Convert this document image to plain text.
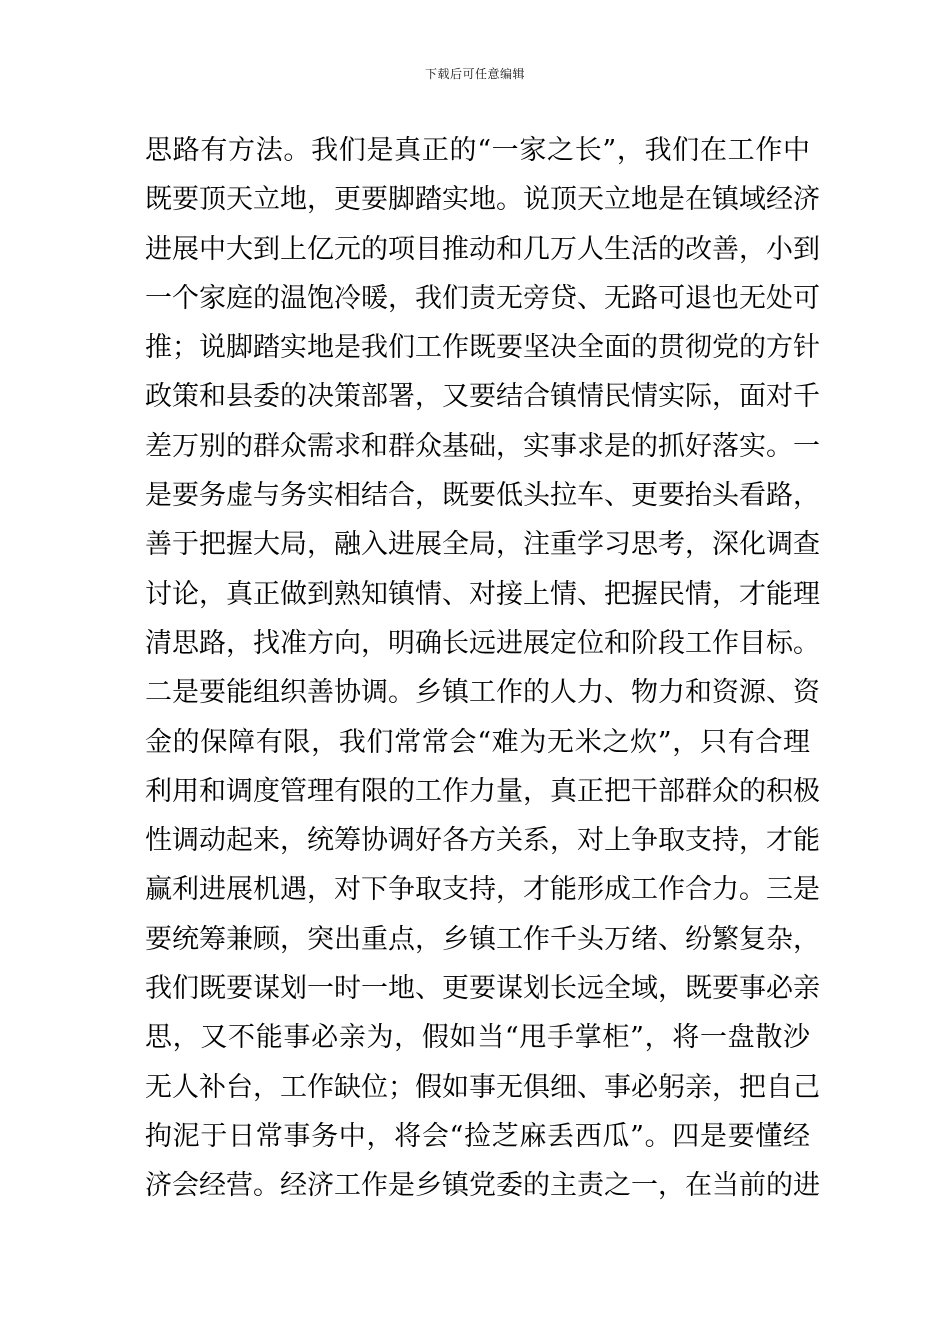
下载后可任意编辑
思路有方法。我们是真正的“一家之长”，我们在工作中
既要顶天立地，更要脚踏实地。说顶天立地是在镇域经济
进展中大到上亿元的项目推动和几万人生活的改善，小到
一个家庭的温饱冷暖，我们责无旁贷、无路可退也无处可
推；说脚踏实地是我们工作既要坚决全面的贯彻党的方针
政策和县委的决策部署，又要结合镇情民情实际，面对千
差万别的群众需求和群众基础，实事求是的抓好落实。一
是要务虚与务实相结合，既要低头拉车、更要抬头看路，
善于把握大局，融入进展全局，注重学习思考，深化调查
讨论，真正做到熟知镇情、对接上情、把握民情，才能理
清思路，找准方向，明确长远进展定位和阶段工作目标。
二是要能组织善协调。乡镇工作的人力、物力和资源、资
金的保障有限，我们常常会“难为无米之炊”，只有合理
利用和调度管理有限的工作力量，真正把干部群众的积极
性调动起来，统筹协调好各方关系，对上争取支持，才能
赢利进展机遇，对下争取支持，才能形成工作合力。三是
要统筹兼顾，突出重点，乡镇工作千头万绪、纷繁复杂，
我们既要谋划一时一地、更要谋划长远全域，既要事必亲
思，又不能事必亲为，假如当“甩手掌柜”，将一盘散沙
无人补台，工作缺位；假如事无俱细、事必躬亲，把自己
拘泥于日常事务中，将会“捡芝麻丢西瓜”。四是要懂经
济会经营。经济工作是乡镇党委的主责之一，在当前的进
